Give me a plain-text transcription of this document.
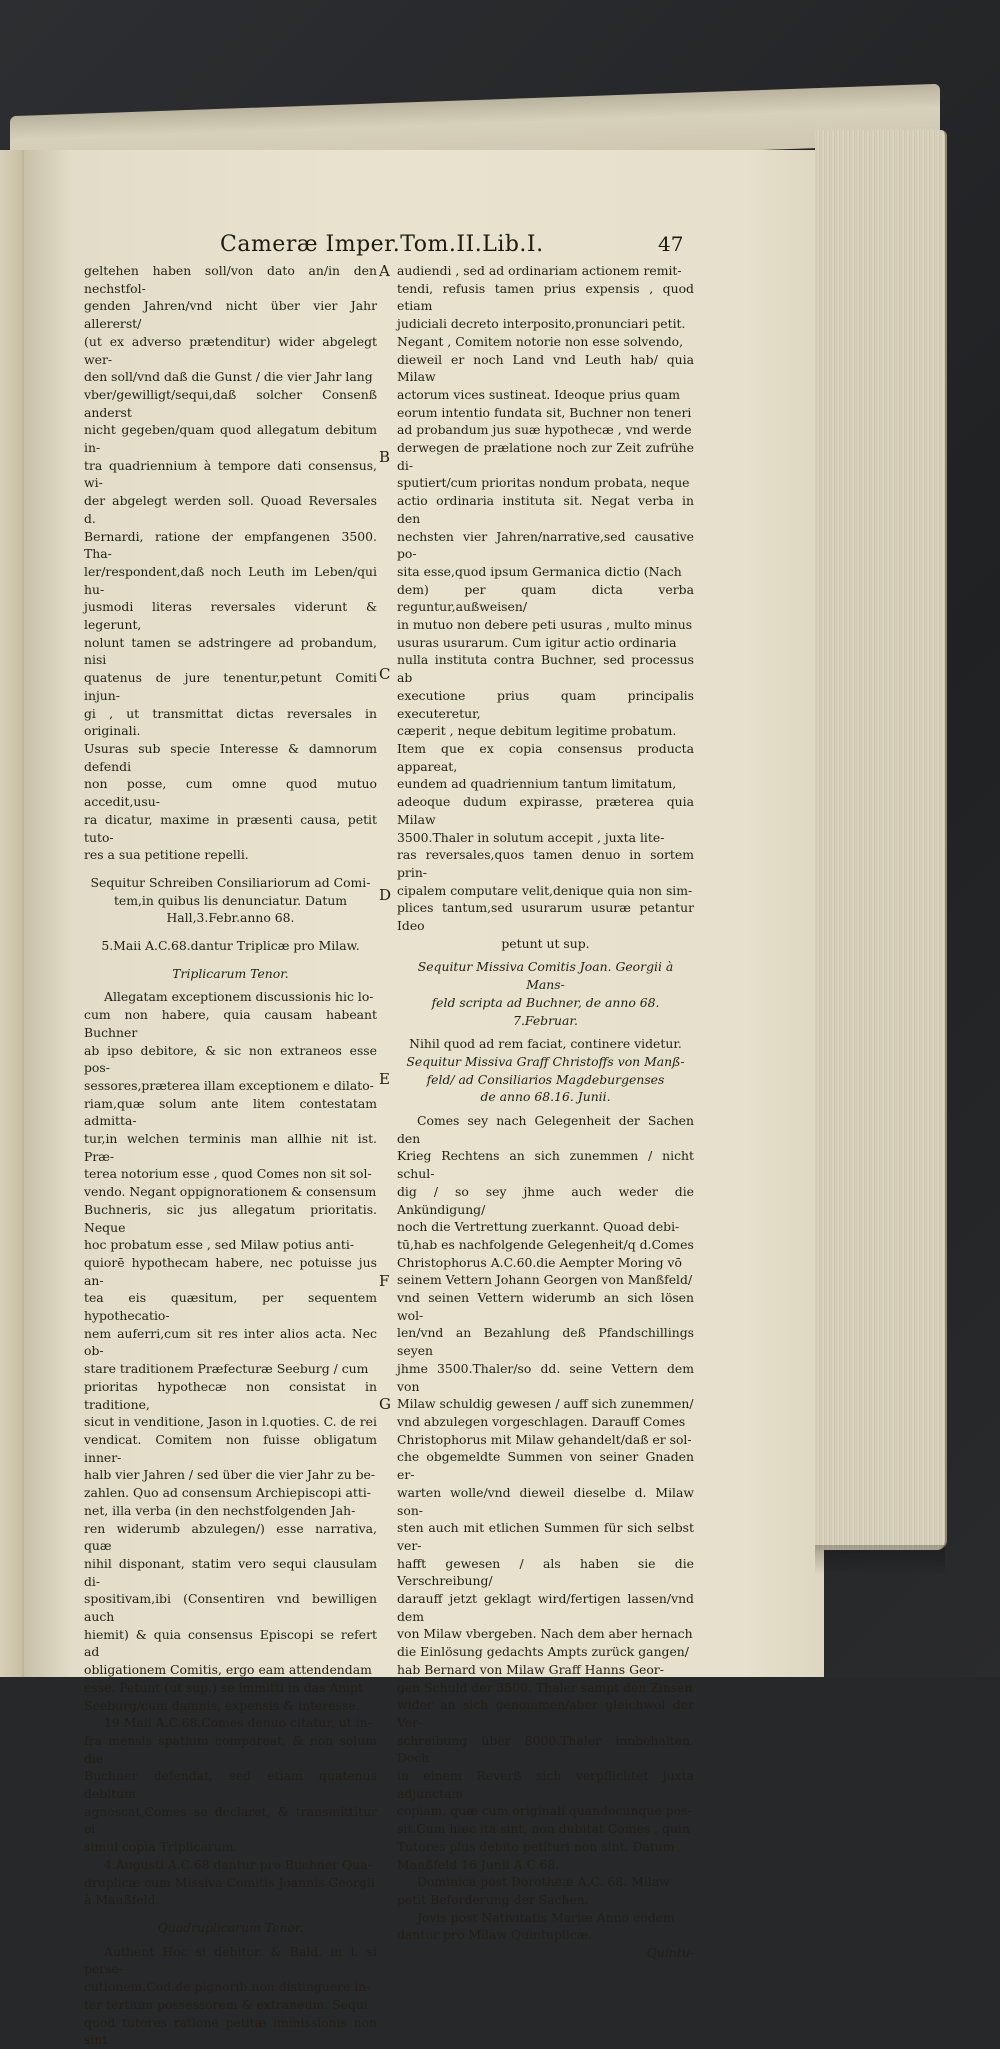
Cameræ Imper.Tom.II.Lib.I.	47
A
B
C
D
E
F
G

geltehen haben soll/von dato an/in den nechstfol-

genden Jahren/vnd nicht über vier Jahr allererst/

(ut ex adverso prætenditur) wider abgelegt wer-

den soll/vnd daß die Gunst / die vier Jahr lang

vber/gewilligt/sequi,daß solcher Consenß anderst

nicht gegeben/quam quod allegatum debitum in-

tra quadriennium à tempore dati consensus, wi-

der abgelegt werden soll. Quoad Reversales d.

Bernardi, ratione der empfangenen 3500. Tha-

ler/respondent,daß noch Leuth im Leben/qui hu-

jusmodi literas reversales viderunt & legerunt,

nolunt tamen se adstringere ad probandum, nisi

quatenus de jure tenentur,petunt Comiti injun-

gi , ut transmittat dictas reversales in originali.

Usuras sub specie Interesse & damnorum defendi

non posse, cum omne quod mutuo accedit,usu-

ra dicatur, maxime in præsenti causa, petit tuto-

res a sua petitione repelli.

Sequitur Schreiben Consiliariorum ad Comi-

tem,in quibus lis denunciatur. Datum

Hall,3.Febr.anno 68.

5.Maii A.C.68.dantur Triplicæ pro Milaw.

Triplicarum Tenor.

Allegatam exceptionem discussionis hic lo-

cum non habere, quia causam habeant Buchner

ab ipso debitore, & sic non extraneos esse pos-

sessores,præterea illam exceptionem e dilato-

riam,quæ solum ante litem contestatam admitta-

tur,in welchen terminis man allhie nit ist. Præ-

terea notorium esse , quod Comes non sit sol-

vendo. Negant oppignorationem & consensum

Buchneris, sic jus allegatum prioritatis. Neque

hoc probatum esse , sed Milaw potius anti-

quiorē hypothecam habere, nec potuisse jus an-

tea eis quæsitum, per sequentem hypothecatio-

nem auferri,cum sit res inter alios acta. Nec ob-

stare traditionem Præfecturæ Seeburg / cum

prioritas hypothecæ non consistat in traditione,

sicut in venditione, Jason in l.quoties. C. de rei

vendicat. Comitem non fuisse obligatum inner-

halb vier Jahren / sed über die vier Jahr zu be-

zahlen. Quo ad consensum Archiepiscopi atti-

net, illa verba (in den nechstfolgenden Jah-

ren widerumb abzulegen/) esse narrativa, quæ

nihil disponant, statim vero sequi clausulam di-

spositivam,ibi (Consentiren vnd bewilligen auch

hiemit) & quia consensus Episcopi se refert ad

obligationem Comitis, ergo eam attendendam

esse. Petunt (ut sup.) se immitti in das Ampt

Seeburg/cum damnis, expensis & interesse.

19 Maii A.C.68.Comes denuo citatur, ut in-

fra mensis spatium compareat, & non solum die

Buchner defendat, sed etiam quatenus debitum

agnoscat,Comes se declaret, & transmittitur ei

simul copia Triplicarum.

4.Augusti A.C.68 dantur pro Buchner Qua-

druplicæ cum Missiva Comitis Joannis Georgii

à Manßfeld.

Quadruplicarum Tenor.

Authent Hoc si debitor. & Bald. in l. si perse-

cutionem.Cod.de pignorib.non distinguere in-

ter tertium possessorem & extraneum. Sequi

quod tutores ratione petitæ immissionis non sint

audiendi , sed ad ordinariam actionem remit-

tendi, refusis tamen prius expensis , quod etiam

judiciali decreto interposito,pronunciari petit.

Negant , Comitem notorie non esse solvendo,

dieweil er noch Land vnd Leuth hab/ quia Milaw

actorum vices sustineat. Ideoque prius quam

eorum intentio fundata sit, Buchner non teneri

ad probandum jus suæ hypothecæ , vnd werde

derwegen de prælatione noch zur Zeit zufrühe di-

sputiert/cum prioritas nondum probata, neque

actio ordinaria instituta sit. Negat verba in den

nechsten vier Jahren/narrative,sed causative po-

sita esse,quod ipsum Germanica dictio (Nach

dem) per quam dicta verba reguntur,außweisen/

in mutuo non debere peti usuras , multo minus

usuras usurarum. Cum igitur actio ordinaria

nulla instituta contra Buchner, sed processus ab

executione prius quam principalis executeretur,

cæperit , neque debitum legitime probatum.

Item que ex copia consensus producta appareat,

eundem ad quadriennium tantum limitatum,

adeoque dudum expirasse, præterea quia Milaw

3500.Thaler in solutum accepit , juxta lite-

ras reversales,quos tamen denuo in sortem prin-

cipalem computare velit,denique quia non sim-

plices tantum,sed usurarum usuræ petantur Ideo

petunt ut sup.

Sequitur Missiva Comitis Joan. Georgii à Mans-

feld scripta ad Buchner, de anno 68.

7.Februar.

Nihil quod ad rem faciat, continere videtur.

Sequitur Missiva Graff Christoffs von Manß-

feld/ ad Consiliarios Magdeburgenses

de anno 68.16. Junii.

Comes sey nach Gelegenheit der Sachen den

Krieg Rechtens an sich zunemmen / nicht schul-

dig / so sey jhme auch weder die Ankündigung/

noch die Vertrettung zuerkannt. Quoad debi-

tū,hab es nachfolgende Gelegenheit/q d.Comes

Christophorus A.C.60.die Aempter Moring vō

seinem Vettern Johann Georgen von Manßfeld/

vnd seinen Vettern widerumb an sich lösen wol-

len/vnd an Bezahlung deß Pfandschillings seyen

jhme 3500.Thaler/so dd. seine Vettern dem von

Milaw schuldig gewesen / auff sich zunemmen/

vnd abzulegen vorgeschlagen. Darauff Comes

Christophorus mit Milaw gehandelt/daß er sol-

che obgemeldte Summen von seiner Gnaden er-

warten wolle/vnd dieweil dieselbe d. Milaw son-

sten auch mit etlichen Summen für sich selbst ver-

hafft gewesen / als haben sie die Verschreibung/

darauff jetzt geklagt wird/fertigen lassen/vnd dem

von Milaw vbergeben. Nach dem aber hernach

die Einlösung gedachts Ampts zurück gangen/

hab Bernard von Milaw Graff Hanns Geor-

gen Schuld der 3500. Thaler sampt den Zinsen

wider an sich genommen/aber gleichwol der Ver-

schreibung über 8000.Thaler innbehalten. Doch

in einem Reverß sich verpflichtet juxta adjunctam

copiam, quæ cum originali quandocunque pos-

sit.Cum hæc ita sint, non dubitat Comes , quin

Tutores plus debito petituri non sint. Datum

Manßfeld 16 Junii A.C.68.

Dominica post Dorotheæ A.C. 68. Milaw

petit Beforderung der Sachen.

Jovis post Nativitatis Mariæ Anno eodem

dantur pro Milaw Quintuplicæ.

Quintu-
